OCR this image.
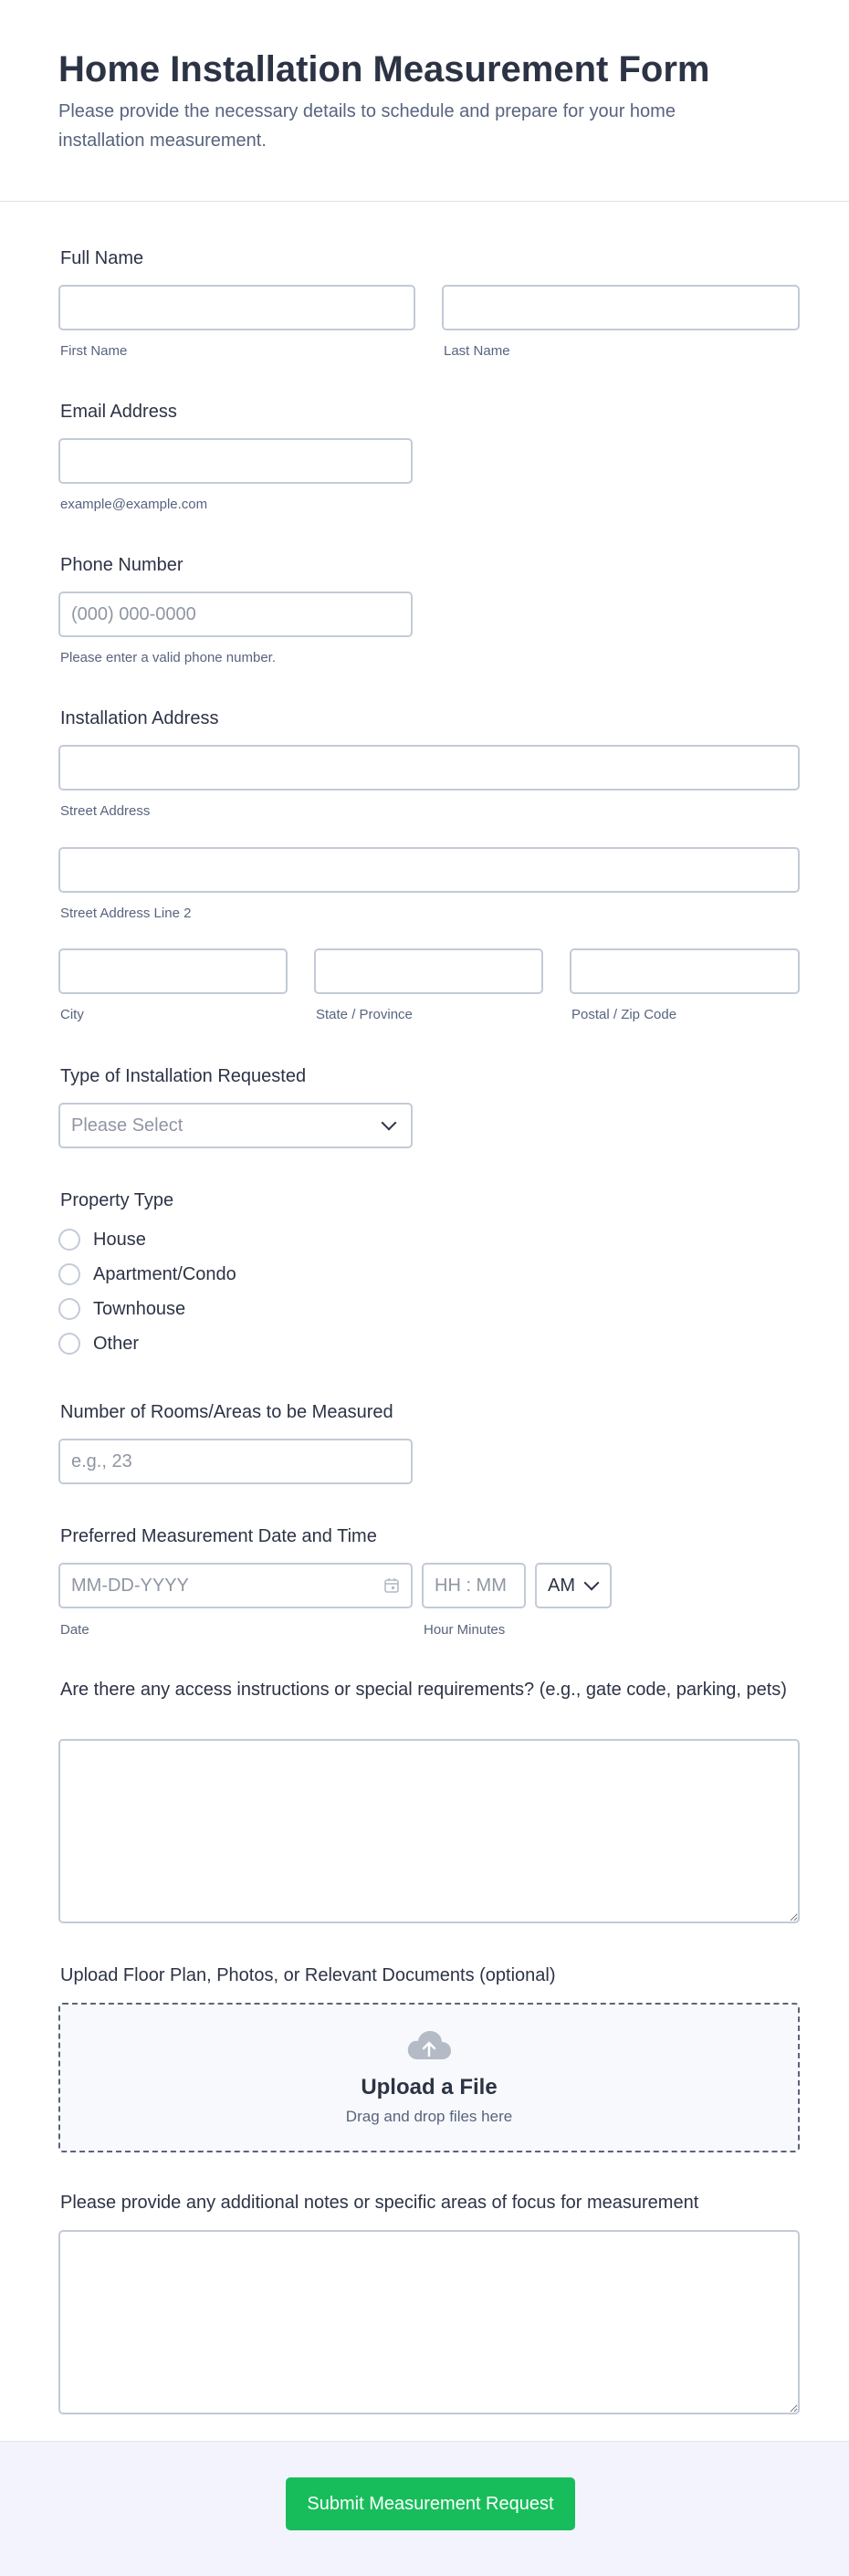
Home Installation Measurement Form
Please provide the necessary details to schedule and prepare for your home installation measurement.
Full Name
First Name	Last Name
Email Address
example@example.com
Phone Number
(000) 000-0000
Please enter a valid phone number.
Installation Address
Street Address
Street Address Line 2
City	State / Province	Postal / Zip Code
Type of Installation Requested
Please Select
Property Type
House
Apartment/Condo
Townhouse
Other
Number of Rooms/Areas to be Measured
e.g., 23
Preferred Measurement Date and Time
MM-DD-YYYY
HH : MM	AM
Date	Hour Minutes
Are there any access instructions or special requirements? (e.g., gate code, parking, pets)
Upload Floor Plan, Photos, or Relevant Documents (optional)
Upload a File
Drag and drop files here
Please provide any additional notes or specific areas of focus for measurement
Submit Measurement Request
